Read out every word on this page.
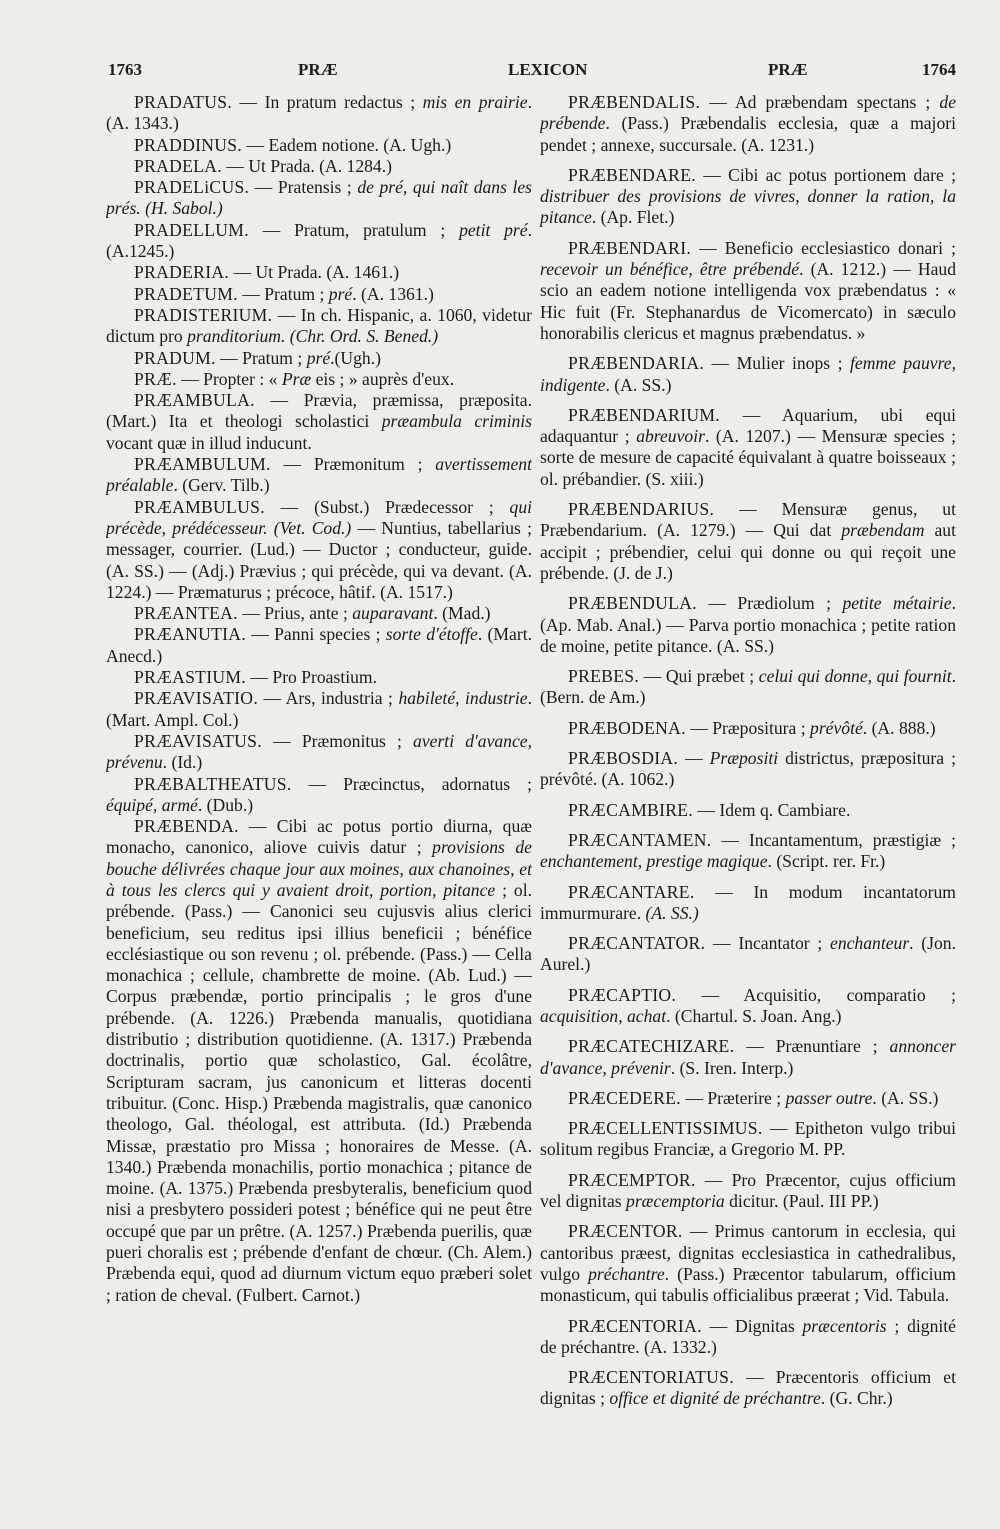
1763	PRÆ	LEXICON	PRÆ	1764

PRADATUS. — In pratum redactus ; mis en prairie. (A. 1343.)

PRADDINUS. — Eadem notione. (A. Ugh.)

PRADELA. — Ut Prada. (A. 1284.)

PRADELiCUS. — Pratensis ; de pré, qui naît dans les prés. (H. Sabol.)

PRADELLUM. — Pratum, pratulum ; petit pré. (A.1245.)

PRADERIA. — Ut Prada. (A. 1461.)

PRADETUM. — Pratum ; pré. (A. 1361.)

PRADISTERIUM. — In ch. Hispanic, a. 1060, videtur dictum pro pranditorium. (Chr. Ord. S. Bened.)

PRADUM. — Pratum ; pré.(Ugh.)

PRÆ. — Propter : « Præ eis ; » auprès d'eux.

PRÆAMBULA. — Prævia, præmissa, præposita. (Mart.) Ita et theologi scholastici præambula criminis vocant quæ in illud inducunt.

PRÆAMBULUM. — Præmonitum ; avertissement préalable. (Gerv. Tilb.)

PRÆAMBULUS. — (Subst.) Prædecessor ; qui précède, prédécesseur. (Vet. Cod.) — Nuntius, tabellarius ; messager, courrier. (Lud.) — Ductor ; conducteur, guide. (A. SS.) — (Adj.) Prævius ; qui précède, qui va devant. (A. 1224.) — Præmaturus ; précoce, hâtif. (A. 1517.)

PRÆANTEA. — Prius, ante ; auparavant. (Mad.)

PRÆANUTIA. — Panni species ; sorte d'étoffe. (Mart. Anecd.)

PRÆASTIUM. — Pro Proastium.

PRÆAVISATIO. — Ars, industria ; habileté, industrie. (Mart. Ampl. Col.)

PRÆAVISATUS. — Præmonitus ; averti d'avance, prévenu. (Id.)

PRÆBALTHEATUS. — Præcinctus, adornatus ; équipé, armé. (Dub.)

PRÆBENDA. — Cibi ac potus portio diurna, quæ monacho, canonico, aliove cuivis datur ; provisions de bouche délivrées chaque jour aux moines, aux chanoines, et à tous les clercs qui y avaient droit, portion, pitance ; ol. prébende. (Pass.) — Canonici seu cujusvis alius clerici beneficium, seu reditus ipsi illius beneficii ; bénéfice ecclésiastique ou son revenu ; ol. prébende. (Pass.) — Cella monachica ; cellule, chambrette de moine. (Ab. Lud.) — Corpus præbendæ, portio principalis ; le gros d'une prébende. (A. 1226.) Præbenda manualis, quotidiana distributio ; distribution quotidienne. (A. 1317.) Præbenda doctrinalis, portio quæ scholastico, Gal. écolâtre, Scripturam sacram, jus canonicum et litteras docenti tribuitur. (Conc. Hisp.) Præbenda magistralis, quæ canonico theologo, Gal. théologal, est attributa. (Id.) Præbenda Missæ, præstatio pro Missa ; honoraires de Messe. (A. 1340.) Præbenda monachilis, portio monachica ; pitance de moine. (A. 1375.) Præbenda presbyteralis, beneficium quod nisi a presbytero possideri potest ; bénéfice qui ne peut être occupé que par un prêtre. (A. 1257.) Præbenda puerilis, quæ pueri choralis est ; prébende d'enfant de chœur. (Ch. Alem.) Præbenda equi, quod ad diurnum victum equo præberi solet ; ration de cheval. (Fulbert. Carnot.)

PRÆBENDALIS. — Ad præbendam spectans ; de prébende. (Pass.) Præbendalis ecclesia, quæ a majori pendet ; annexe, succursale. (A. 1231.)

PRÆBENDARE. — Cibi ac potus portionem dare ; distribuer des provisions de vivres, donner la ration, la pitance. (Ap. Flet.)

PRÆBENDARI. — Beneficio ecclesiastico donari ; recevoir un bénéfice, être prébendé. (A. 1212.) — Haud scio an eadem notione intelligenda vox præbendatus : « Hic fuit (Fr. Stephanardus de Vicomercato) in sæculo honorabilis clericus et magnus præbendatus. »

PRÆBENDARIA. — Mulier inops ; femme pauvre, indigente. (A. SS.)

PRÆBENDARIUM. — Aquarium, ubi equi adaquantur ; abreuvoir. (A. 1207.) — Mensuræ species ; sorte de mesure de capacité équivalant à quatre boisseaux ; ol. prébandier. (S. xiii.)

PRÆBENDARIUS. — Mensuræ genus, ut Præbendarium. (A. 1279.) — Qui dat præbendam aut accipit ; prébendier, celui qui donne ou qui reçoit une prébende. (J. de J.)

PRÆBENDULA. — Prædiolum ; petite métairie. (Ap. Mab. Anal.) — Parva portio monachica ; petite ration de moine, petite pitance. (A. SS.)

PREBES. — Qui præbet ; celui qui donne, qui fournit. (Bern. de Am.)

PRÆBODENA. — Præpositura ; prévôté. (A. 888.)

PRÆBOSDIA. — Præpositi districtus, præpositura ; prévôté. (A. 1062.)

PRÆCAMBIRE. — Idem q. Cambiare.

PRÆCANTAMEN. — Incantamentum, præstigiæ ; enchantement, prestige magique. (Script. rer. Fr.)

PRÆCANTARE. — In modum incantatorum immurmurare. (A. SS.)

PRÆCANTATOR. — Incantator ; enchanteur. (Jon. Aurel.)

PRÆCAPTIO. — Acquisitio, comparatio ; acquisition, achat. (Chartul. S. Joan. Ang.)

PRÆCATECHIZARE. — Prænuntiare ; annoncer d'avance, prévenir. (S. Iren. Interp.)

PRÆCEDERE. — Præterire ; passer outre. (A. SS.)

PRÆCELLENTISSIMUS. — Epitheton vulgo tribui solitum regibus Franciæ, a Gregorio M. PP.

PRÆCEMPTOR. — Pro Præcentor, cujus officium vel dignitas præcemptoria dicitur. (Paul. III PP.)

PRÆCENTOR. — Primus cantorum in ecclesia, qui cantoribus præest, dignitas ecclesiastica in cathedralibus, vulgo préchantre. (Pass.) Præcentor tabularum, officium monasticum, qui tabulis officialibus præerat ; Vid. Tabula.

PRÆCENTORIA. — Dignitas præcentoris ; dignité de préchantre. (A. 1332.)

PRÆCENTORIATUS. — Præcentoris officium et dignitas ; office et dignité de préchantre. (G. Chr.)
